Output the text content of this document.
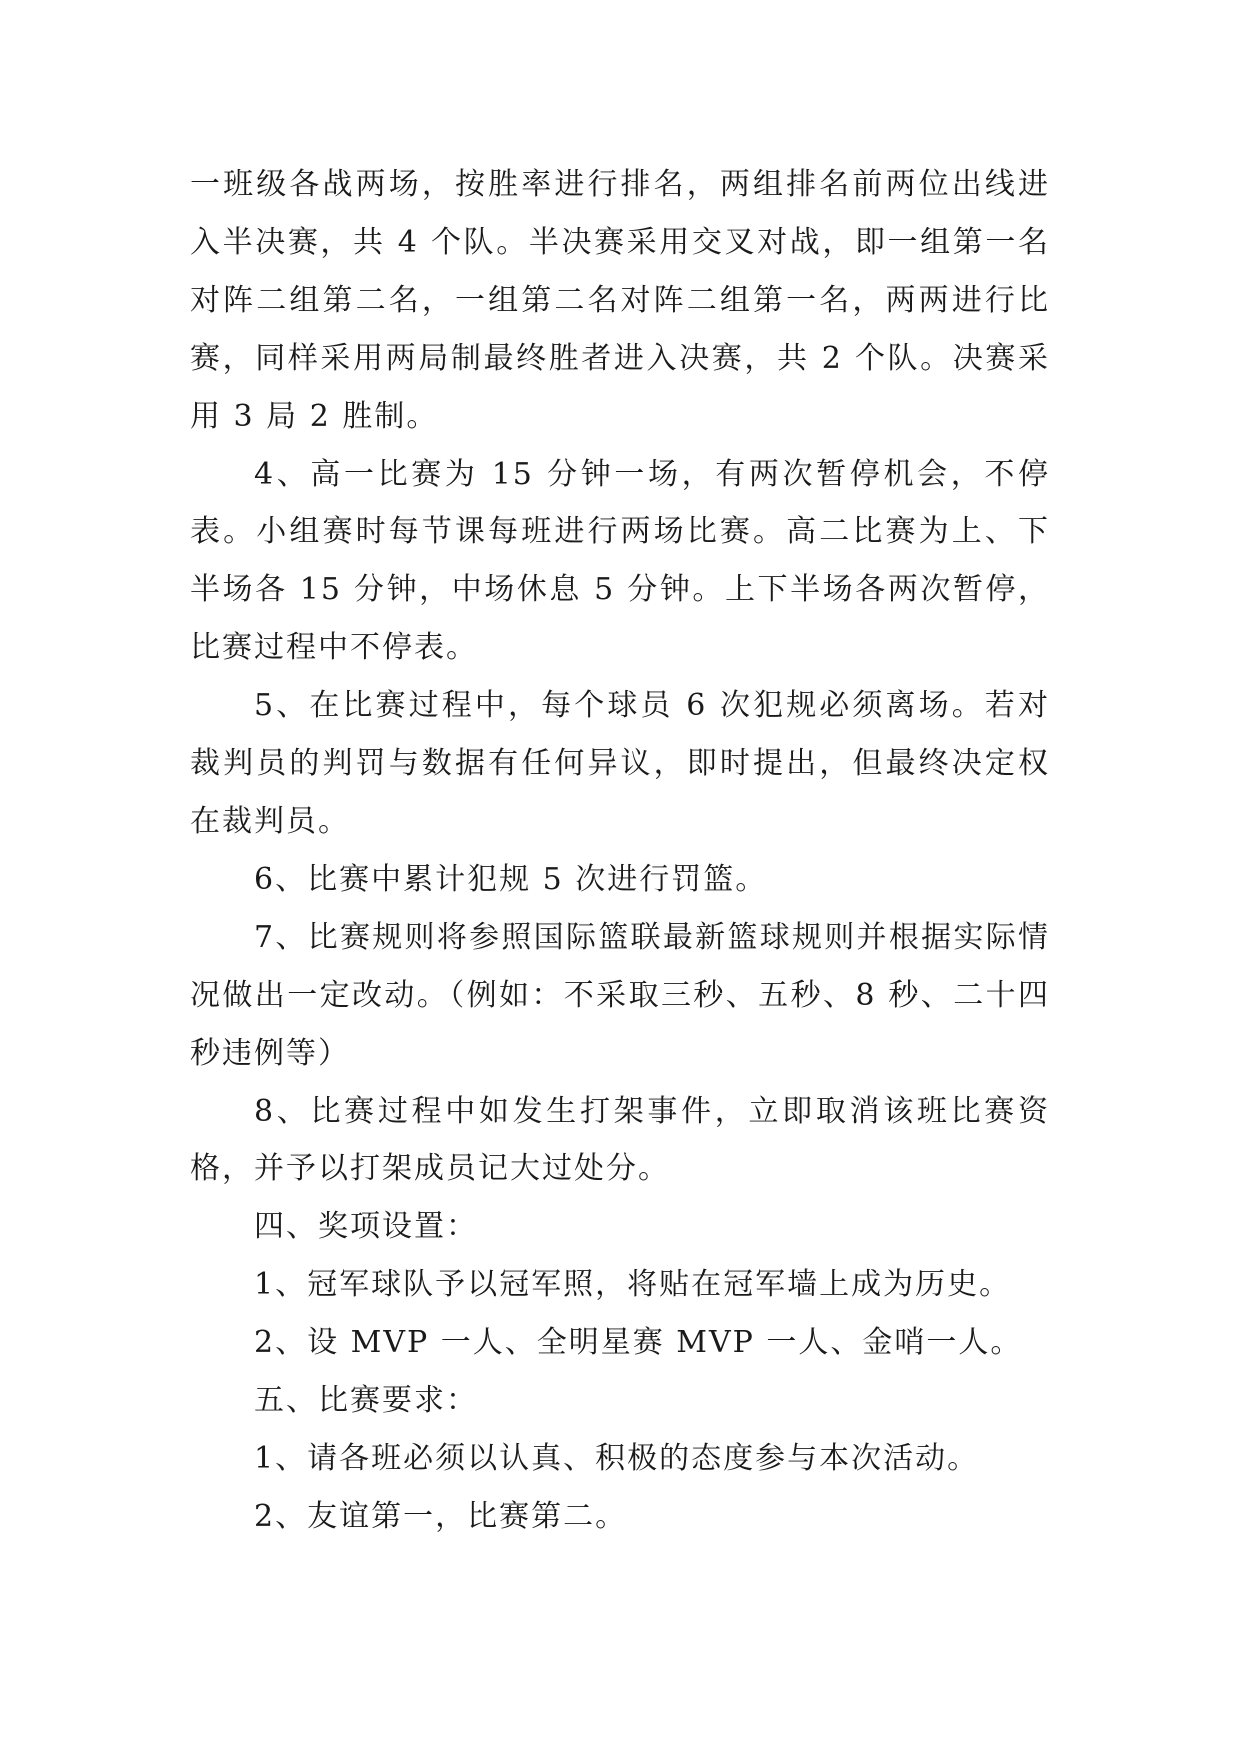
一班级各战两场，按胜率进行排名，两组排名前两位出线进入半决赛，共 4 个队。半决赛采用交叉对战，即一组第一名对阵二组第二名，一组第二名对阵二组第一名，两两进行比赛，同样采用两局制最终胜者进入决赛，共 2 个队。决赛采用 3 局 2 胜制。

4、高一比赛为 15 分钟一场，有两次暂停机会，不停表。小组赛时每节课每班进行两场比赛。高二比赛为上、下半场各 15 分钟，中场休息 5 分钟。上下半场各两次暂停，比赛过程中不停表。

5、在比赛过程中，每个球员 6 次犯规必须离场。若对裁判员的判罚与数据有任何异议，即时提出，但最终决定权在裁判员。

6、比赛中累计犯规 5 次进行罚篮。

7、比赛规则将参照国际篮联最新篮球规则并根据实际情况做出一定改动。（例如：不采取三秒、五秒、8 秒、二十四秒违例等）

8、比赛过程中如发生打架事件，立即取消该班比赛资格，并予以打架成员记大过处分。

四、奖项设置：

1、冠军球队予以冠军照，将贴在冠军墙上成为历史。

2、设 MVP 一人、全明星赛 MVP 一人、金哨一人。

五、比赛要求：

1、请各班必须以认真、积极的态度参与本次活动。

2、友谊第一，比赛第二。
